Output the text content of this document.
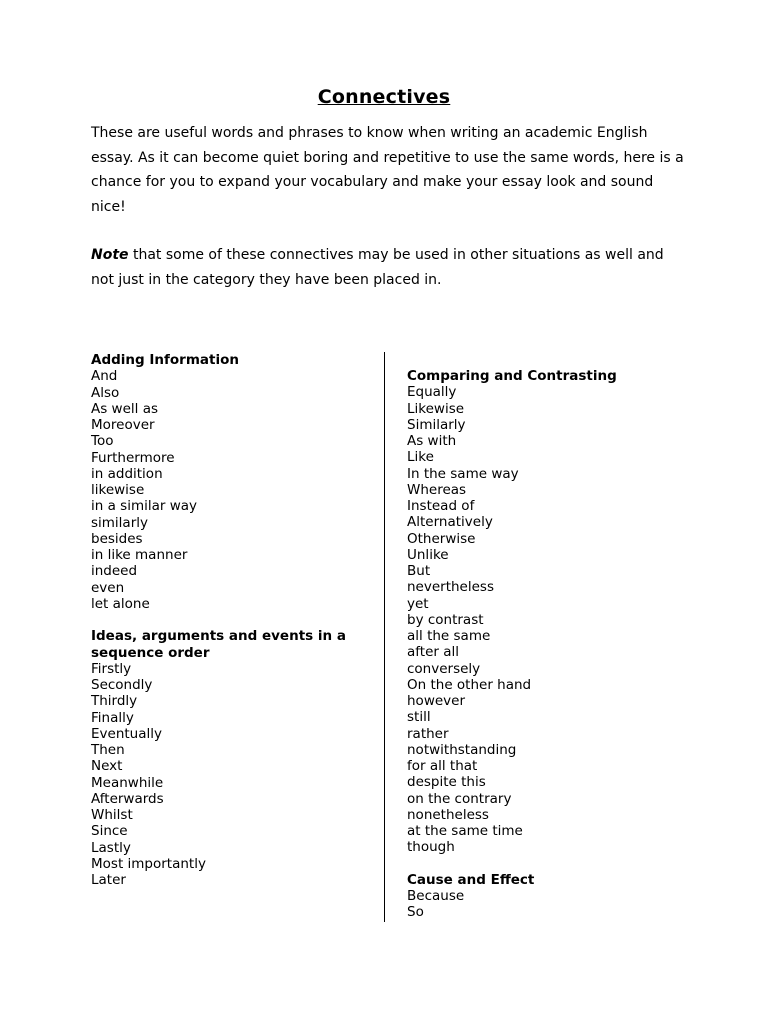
Connectives

These are useful words and phrases to know when writing an academic English essay. As it can become quiet boring and repetitive to use the same words, here is a chance for you to expand your vocabulary and make your essay look and sound nice!

Note that some of these connectives may be used in other situations as well and not just in the category they have been placed in.

Adding Information
And
Also
As well as
Moreover
Too
Furthermore
in addition
likewise
in a similar way
similarly
besides
in like manner
indeed
even
let alone
Ideas, arguments and events in a sequence order
Firstly
Secondly
Thirdly
Finally
Eventually
Then
Next
Meanwhile
Afterwards
Whilst
Since
Lastly
Most importantly
Later
Comparing and Contrasting
Equally
Likewise
Similarly
As with
Like
In the same way
Whereas
Instead of
Alternatively
Otherwise
Unlike
But
nevertheless
yet
by contrast
all the same
after all
conversely
On the other hand
however
still
rather
notwithstanding
for all that
despite this
on the contrary
nonetheless
at the same time
though
Cause and Effect
Because
So
